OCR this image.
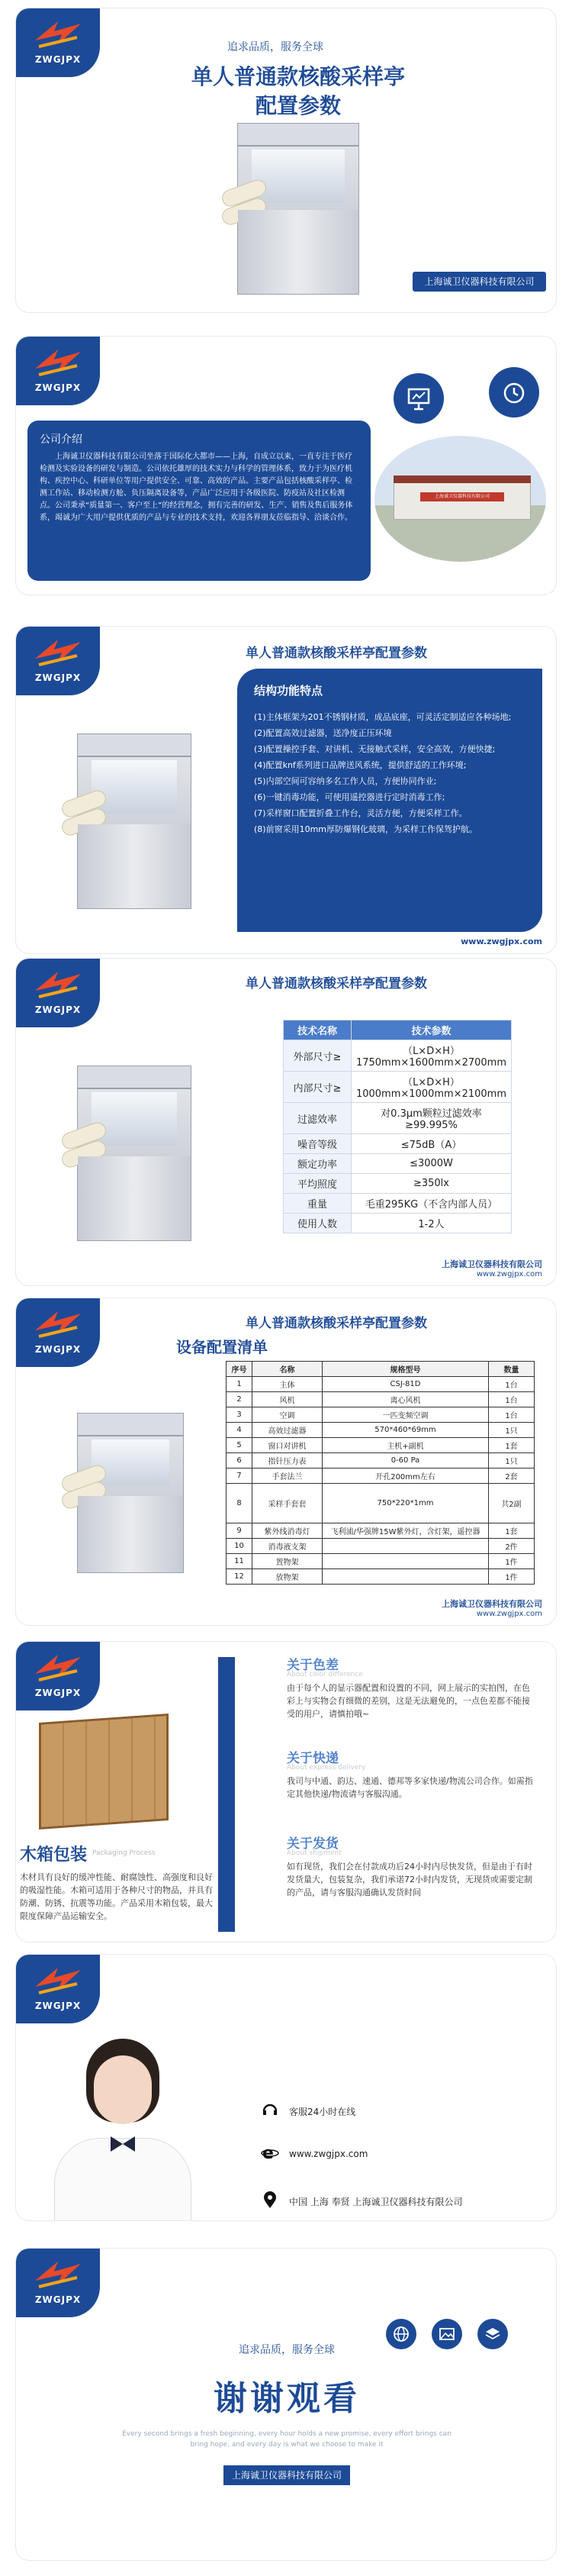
ZWGJPX
追求品质，服务全球
单人普通款核酸采样亭
配置参数
上海诚卫仪器科技有限公司
ZWGJPX
公司介绍
上海诚卫仪器科技有限公司坐落于国际化大都市——上海，自成立以来，一直专注于医疗检测及实验设备的研发与制造。公司依托雄厚的技术实力与科学的管理体系，致力于为医疗机构、疾控中心、科研单位等用户提供安全、可靠、高效的产品。主要产品包括核酸采样亭、检测工作站、移动检测方舱、负压隔离设备等，产品广泛应用于各级医院、防疫站及社区检测点。公司秉承“质量第一、客户至上”的经营理念，拥有完善的研发、生产、销售及售后服务体系，竭诚为广大用户提供优质的产品与专业的技术支持，欢迎各界朋友莅临指导、洽谈合作。
上海诚卫仪器科技有限公司
ZWGJPX
单人普通款核酸采样亭配置参数
结构功能特点
(1)主体框架为201不锈钢材质，成品底座，可灵活定制适应各种场地;
(2)配置高效过滤器，送净度正压环境
(3)配置操控手套、对讲机、无接触式采样，安全高效，方便快捷;
(4)配置knf系列进口品牌送风系统，提供舒适的工作环境;
(5)内部空间可容纳多名工作人员，方便协同作业;
(6)一键消毒功能，可使用遥控器进行定时消毒工作;
(7)采样窗口配置折叠工作台，灵活方便，方便采样工作。
(8)前窗采用10mm厚防爆钢化玻璃，为采样工作保驾护航。
www.zwgjpx.com
ZWGJPX
单人普通款核酸采样亭配置参数
技术名称	技术参数
外部尺寸≥	（L×D×H）
1750mm×1600mm×2700mm
内部尺寸≥	（L×D×H）
1000mm×1000mm×2100mm
过滤效率	对0.3μm颗粒过滤效率
≥99.995%
噪音等级	≤75dB（A）
额定功率	≤3000W
平均照度	≥350lx
重量	毛重295KG（不含内部人员）
使用人数	1-2人
上海诚卫仪器科技有限公司
www.zwgjpx.com
ZWGJPX
单人普通款核酸采样亭配置参数
设备配置清单
序号	名称	规格型号	数量
1	主体	CSJ-81D	1台
2	风机	离心风机	1台
3	空调	一匹变频空调	1台
4	高效过滤器	570*460*69mm	1只
5	窗口对讲机	主机+副机	1套
6	指针压力表	0-60 Pa	1只
7	手套法兰	开孔200mm左右	2套
8	采样手套套	750*220*1mm	共2副
9	紫外线消毒灯	飞利浦/华强牌15W紫外灯，含灯架，遥控器	1套
10	消毒液支架		2件
11	置物架		1件
12	放物架		1件
上海诚卫仪器科技有限公司
www.zwgjpx.com
ZWGJPX
木箱包装 Packaging Process
木材具有良好的缓冲性能、耐腐蚀性、高强度和良好的吸湿性能。木箱可适用于各种尺寸的物品，并具有防潮、防锈、抗震等功能。产品采用木箱包装，最大限度保障产品运输安全。
关于色差
About color difference
由于每个人的显示器配置和设置的不同，网上展示的实拍图，在色彩上与实物会有细微的差别，这是无法避免的，一点色差都不能接受的用户，请慎拍哦~
关于快递
About express delivery
我司与中通、韵达、速通、德邦等多家快递/物流公司合作。如需指定其他快递/物流请与客服沟通。
关于发货
About shipment
如有现货，我们会在付款成功后24小时内尽快发货，但是由于有时发货量大，包装复杂，我们承诺72小时内发货，无现货或需要定制的产品，请与客服沟通确认发货时间
ZWGJPX
客服24小时在线
e www.zwgjpx.com
中国 上海 奉贤 上海诚卫仪器科技有限公司
ZWGJPX
追求品质，服务全球
谢谢观看
Every second brings a fresh beginning, every hour holds a new promise, every effort brings can bring hope, and every day is what we choose to make it
上海诚卫仪器科技有限公司
